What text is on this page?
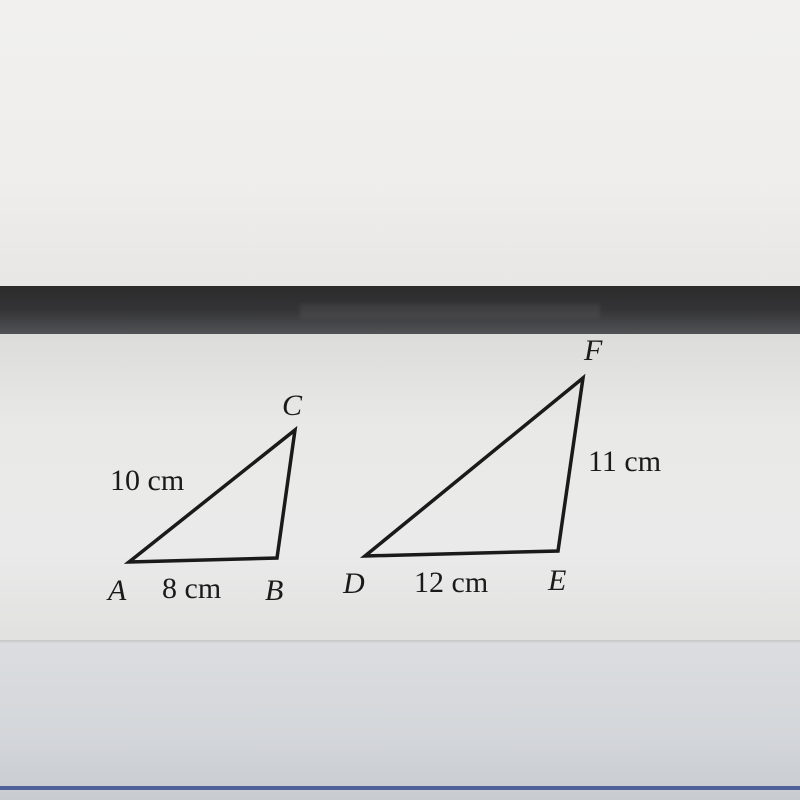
A	B
C
D	E
F
10 cm
8 cm
11 cm
12 cm
